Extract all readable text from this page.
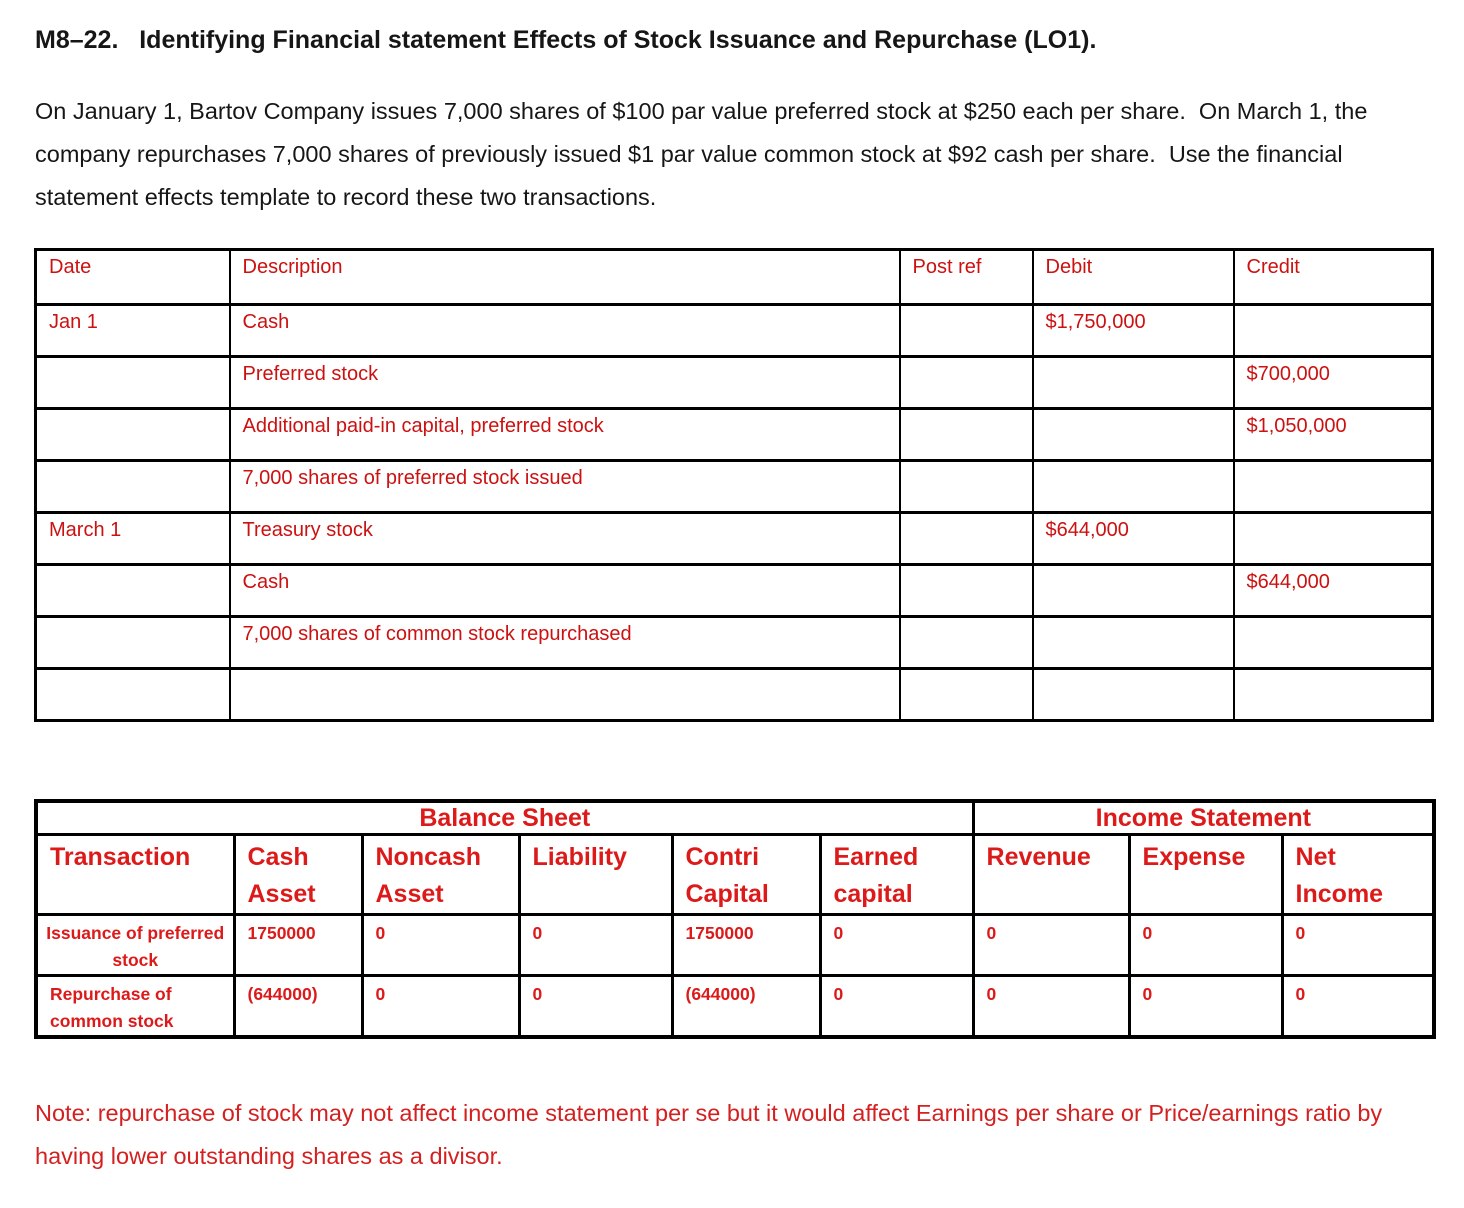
M8–22.   Identifying Financial statement Effects of Stock Issuance and Repurchase (LO1).

On January 1, Bartov Company issues 7,000 shares of $100 par value preferred stock at $250 each per share.  On March 1, the company repurchases 7,000 shares of previously issued $1 par value common stock at $92 cash per share.  Use the financial statement effects template to record these two transactions.

Date	Description	Post ref	Debit	Credit
Jan 1	Cash		$1,750,000	
	Preferred stock			$700,000
	Additional paid-in capital, preferred stock			$1,050,000
	7,000 shares of preferred stock issued			
March 1	Treasury stock		$644,000	
	Cash			$644,000
	7,000 shares of common stock repurchased			

Balance Sheet						Income Statement		
Transaction	Cash Asset	Noncash Asset	Liability	Contri Capital	Earned capital	Revenue	Expense	Net Income
Issuance of preferred stock	1750000	0	0	1750000	0	0	0	0
Repurchase of common stock	(644000)	0	0	(644000)	0	0	0	0

Note: repurchase of stock may not affect income statement per se but it would affect Earnings per share or Price/earnings ratio by having lower outstanding shares as a divisor.
